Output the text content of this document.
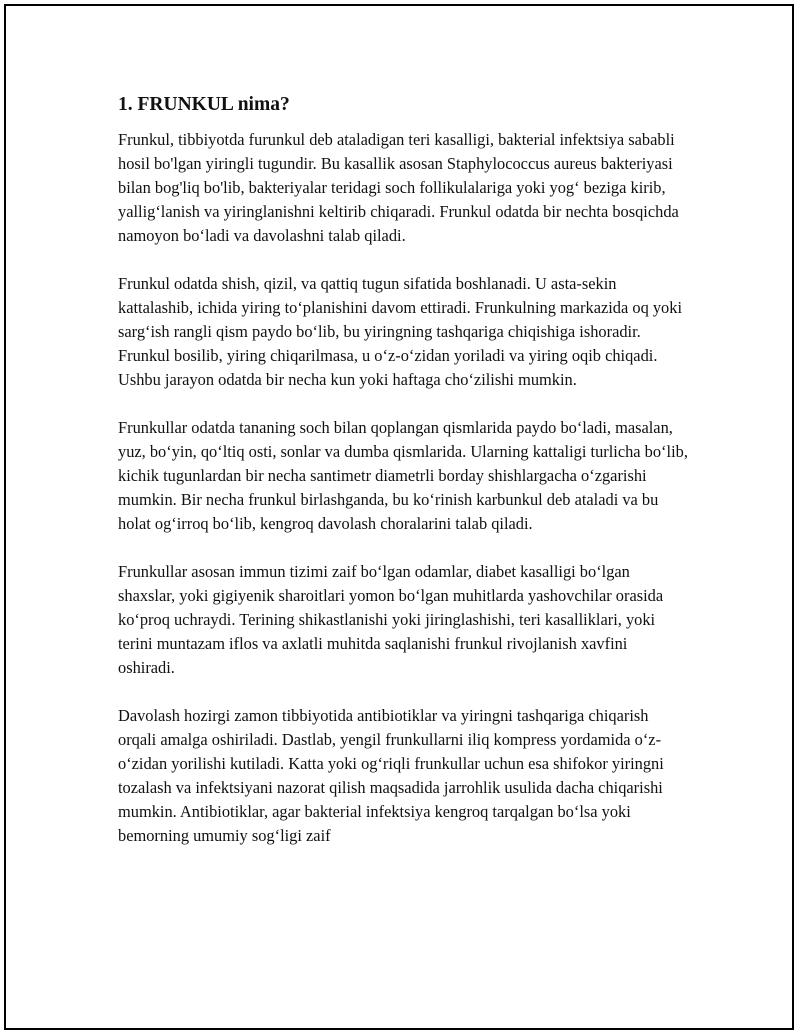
1. FRUNKUL nima?

Frunkul, tibbiyotda furunkul deb ataladigan teri kasalligi, bakterial infektsiya sababli hosil bo'lgan yiringli tugundir. Bu kasallik asosan Staphylococcus aureus bakteriyasi bilan bog'liq bo'lib, bakteriyalar teridagi soch follikulalariga yoki yog‘ beziga kirib, yallig‘lanish va yiringlanishni keltirib chiqaradi. Frunkul odatda bir nechta bosqichda namoyon bo‘ladi va davolashni talab qiladi.

Frunkul odatda shish, qizil, va qattiq tugun sifatida boshlanadi. U asta-sekin kattalashib, ichida yiring to‘planishini davom ettiradi. Frunkulning markazida oq yoki sarg‘ish rangli qism paydo bo‘lib, bu yiringning tashqariga chiqishiga ishoradir. Frunkul bosilib, yiring chiqarilmasa, u o‘z-o‘zidan yoriladi va yiring oqib chiqadi. Ushbu jarayon odatda bir necha kun yoki haftaga cho‘zilishi mumkin.

Frunkullar odatda tananing soch bilan qoplangan qismlarida paydo bo‘ladi, masalan, yuz, bo‘yin, qo‘ltiq osti, sonlar va dumba qismlarida. Ularning kattaligi turlicha bo‘lib, kichik tugunlardan bir necha santimetr diametrli borday shishlargacha o‘zgarishi mumkin. Bir necha frunkul birlashganda, bu ko‘rinish karbunkul deb ataladi va bu holat og‘irroq bo‘lib, kengroq davolash choralarini talab qiladi.

Frunkullar asosan immun tizimi zaif bo‘lgan odamlar, diabet kasalligi bo‘lgan shaxslar, yoki gigiyenik sharoitlari yomon bo‘lgan muhitlarda yashovchilar orasida ko‘proq uchraydi. Terining shikastlanishi yoki jiringlashishi, teri kasalliklari, yoki terini muntazam iflos va axlatli muhitda saqlanishi frunkul rivojlanish xavfini oshiradi.

Davolash hozirgi zamon tibbiyotida antibiotiklar va yiringni tashqariga chiqarish orqali amalga oshiriladi. Dastlab, yengil frunkullarni iliq kompress yordamida o‘z-o‘zidan yorilishi kutiladi. Katta yoki og‘riqli frunkullar uchun esa shifokor yiringni tozalash va infektsiyani nazorat qilish maqsadida jarrohlik usulida dacha chiqarishi mumkin. Antibiotiklar, agar bakterial infektsiya kengroq tarqalgan bo‘lsa yoki bemorning umumiy sog‘ligi zaif
